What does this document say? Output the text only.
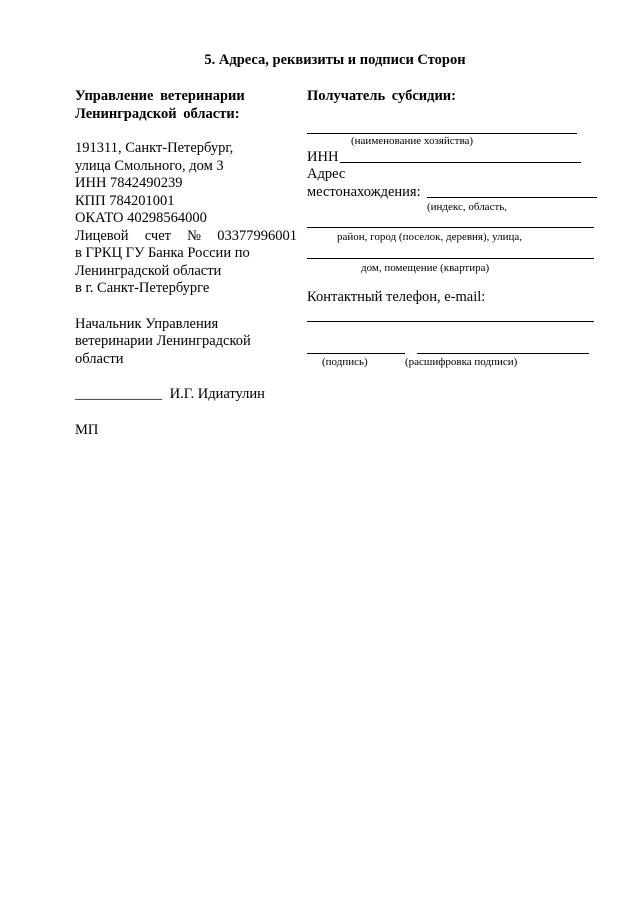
5. Адреса, реквизиты и подписи Сторон
Управление ветеринарии
Ленинградской области:
191311, Санкт-Петербург,
улица Смольного, дом 3
ИНН 7842490239
КПП 784201001
ОКАТО 40298564000
Лицевой счет № 03377996001
в ГРКЦ ГУ Банка России по
Ленинградской области
в г. Санкт-Петербурге
Начальник Управления
ветеринарии Ленинградской
области
____________ И.Г. Идиатулин
МП
Получатель субсидии:
(наименование хозяйства)
ИНН
Адрес
местонахождения:
(индекс, область,
район, город (поселок, деревня), улица,
дом, помещение (квартира)
Контактный телефон, e-mail:
(подпись)	(расшифровка подписи)
